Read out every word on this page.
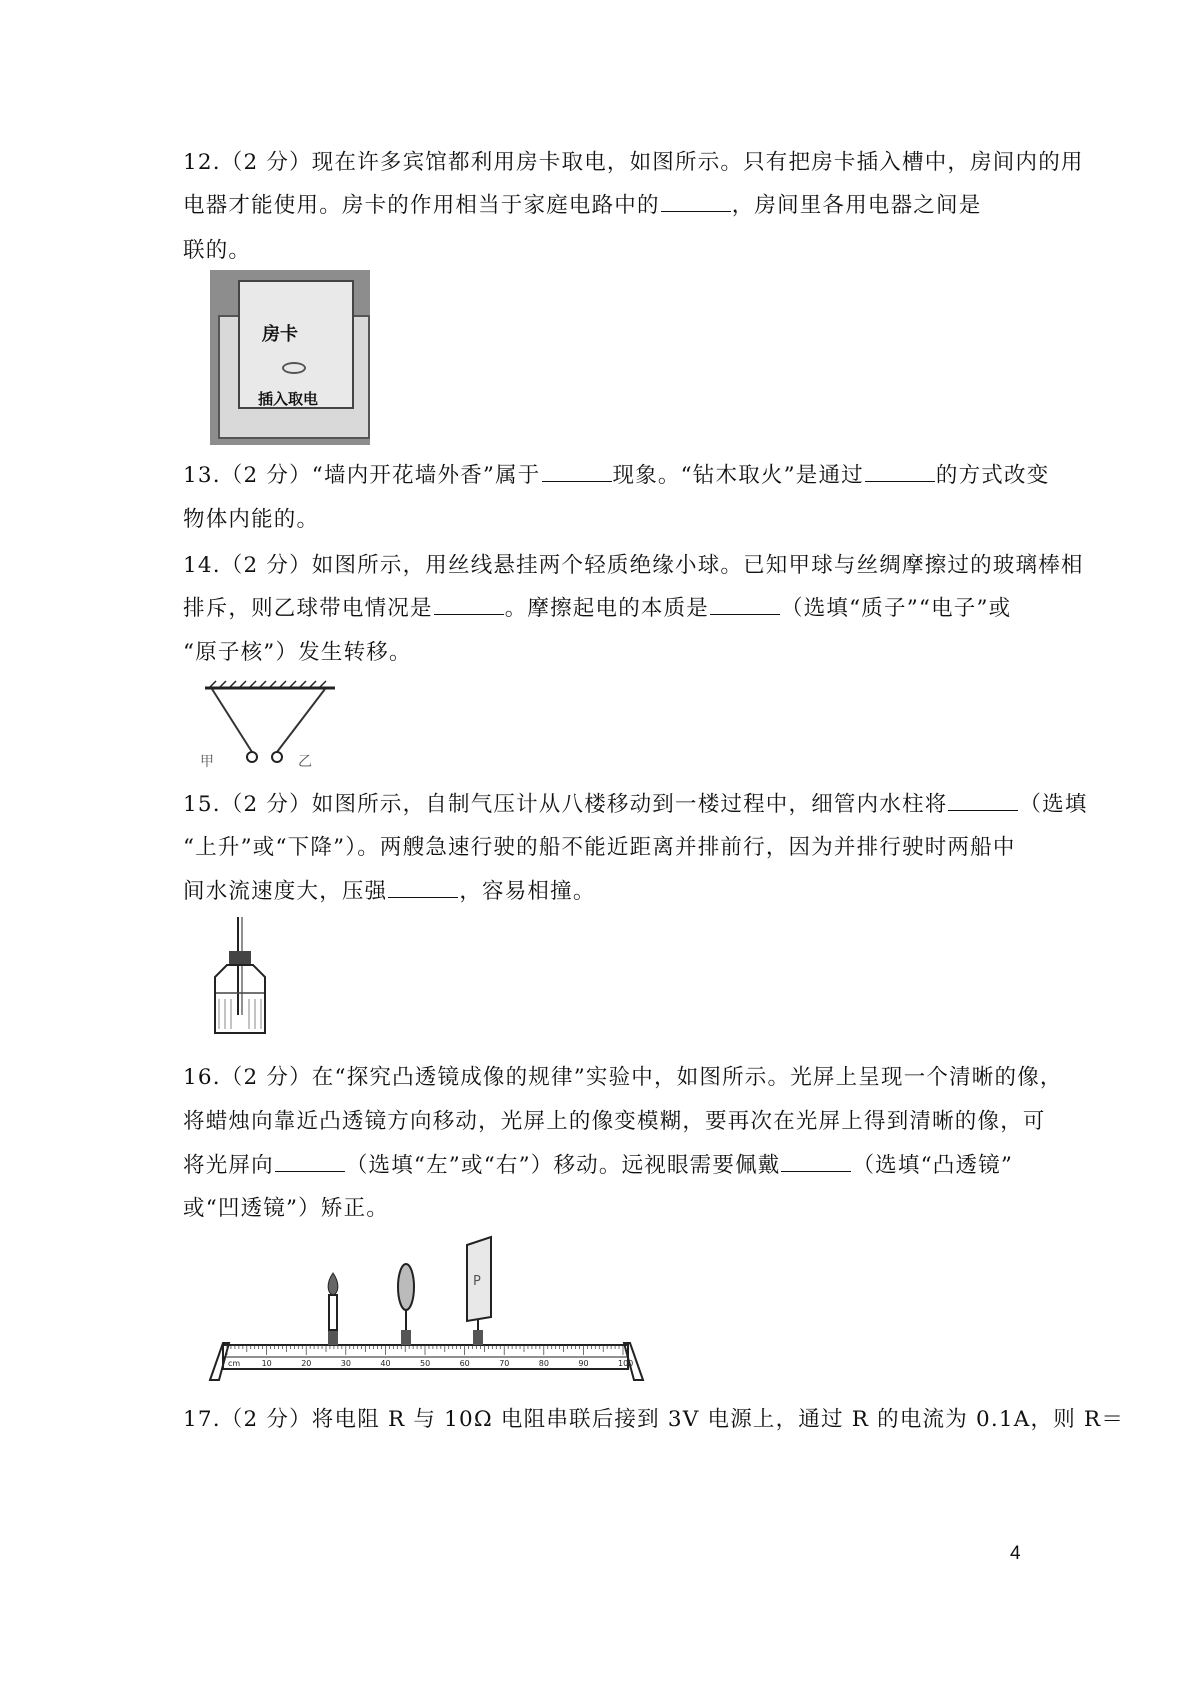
12.（2 分）现在许多宾馆都利用房卡取电，如图所示。只有把房卡插入槽中，房间内的用
电器才能使用。房卡的作用相当于家庭电路中的	，房间里各用电器之间是
联的。
房卡
插入取电
13.（2 分）“墙内开花墙外香”属于	现象。“钻木取火”是通过	的方式改变
物体内能的。
14.（2 分）如图所示，用丝线悬挂两个轻质绝缘小球。已知甲球与丝绸摩擦过的玻璃棒相
排斥，则乙球带电情况是	。摩擦起电的本质是	（选填“质子”“电子”或
“原子核”）发生转移。
甲	乙
15.（2 分）如图所示，自制气压计从八楼移动到一楼过程中，细管内水柱将	（选填
“上升”或“下降”）。两艘急速行驶的船不能近距离并排前行，因为并排行驶时两船中
间水流速度大，压强	，容易相撞。
16.（2 分）在“探究凸透镜成像的规律”实验中，如图所示。光屏上呈现一个清晰的像，
将蜡烛向靠近凸透镜方向移动，光屏上的像变模糊，要再次在光屏上得到清晰的像，可
将光屏向	（选填“左”或“右”）移动。远视眼需要佩戴	（选填“凸透镜”
或“凹透镜”）矫正。
cm	10	20	30	40	50	60	70	80	90	100
P
17.（2 分）将电阻 R 与 10Ω 电阻串联后接到 3V 电源上，通过 R 的电流为 0.1A，则 R＝
4
